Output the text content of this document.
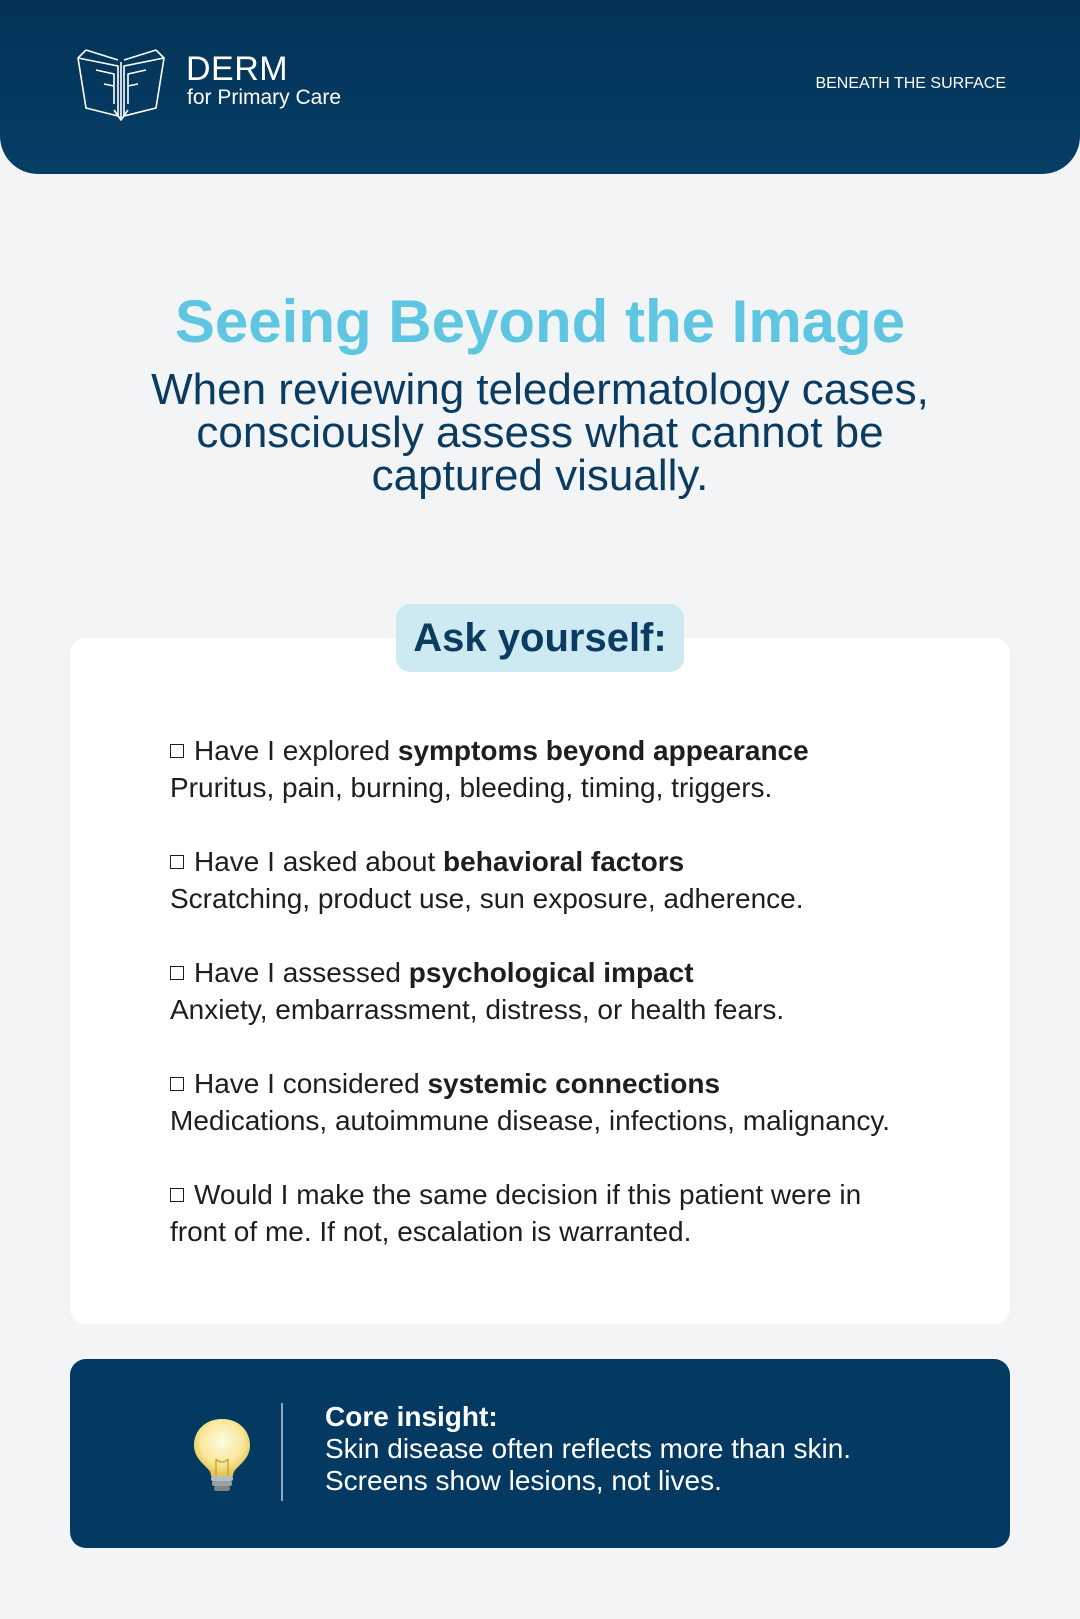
DERM
for Primary Care
BENEATH THE SURFACE
Seeing Beyond the Image
When reviewing teledermatology cases, consciously assess what cannot be captured visually.
Ask yourself:
Have I explored symptoms beyond appearance
Pruritus, pain, burning, bleeding, timing, triggers.
Have I asked about behavioral factors
Scratching, product use, sun exposure, adherence.
Have I assessed psychological impact
Anxiety, embarrassment, distress, or health fears.
Have I considered systemic connections
Medications, autoimmune disease, infections, malignancy.
Would I make the same decision if this patient were in
front of me. If not, escalation is warranted.
Core insight:
Skin disease often reflects more than skin.
Screens show lesions, not lives.
